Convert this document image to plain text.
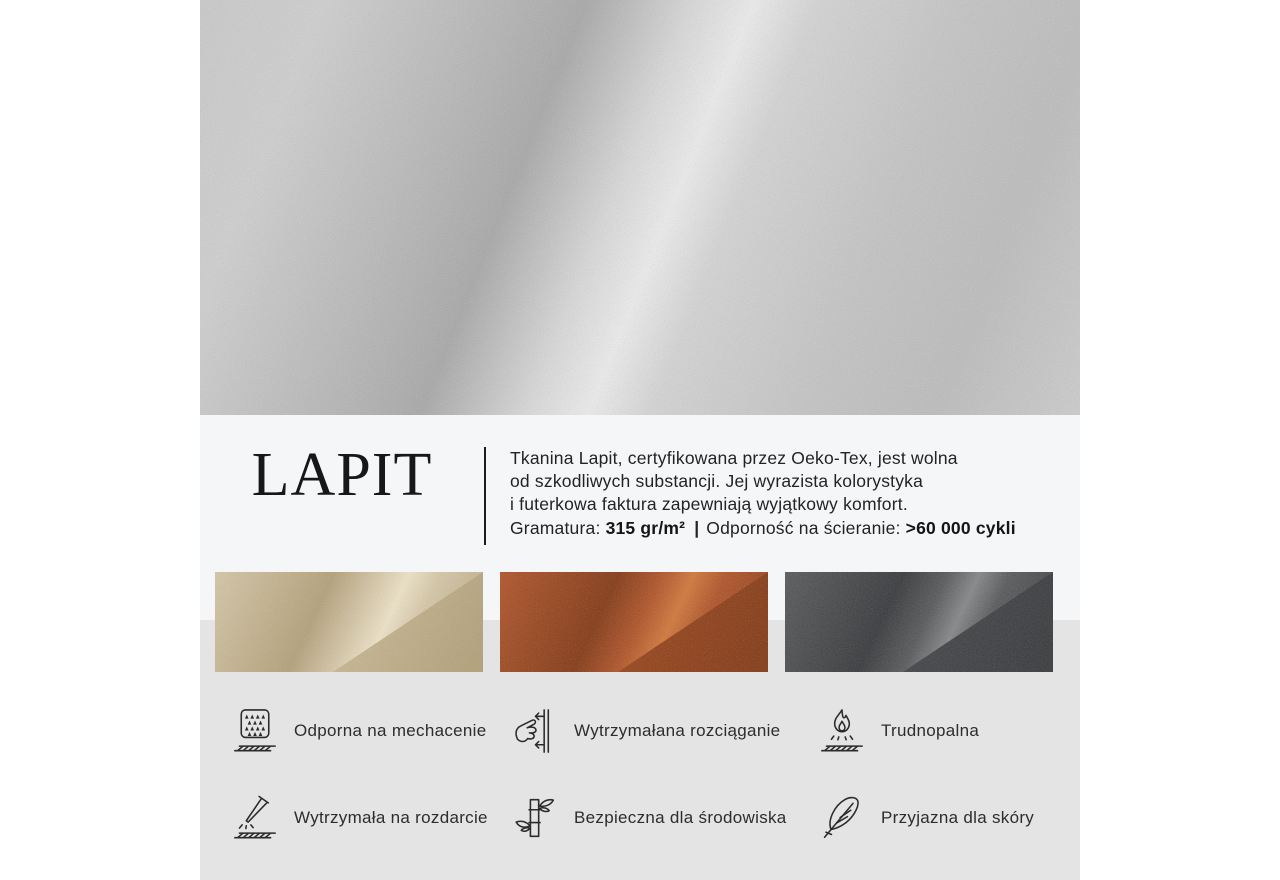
LAPIT	Tkanina Lapit, certyfikowana przez Oeko-Tex, jest wolna
od szkodliwych substancji. Jej wyrazista kolorystyka
i futerkowa faktura zapewniają wyjątkowy komfort.
Gramatura: 315 gr/m² | Odporność na ścieranie: >60 000 cykli
Odporna na mechacenie	Wytrzymałana rozciąganie	Trudnopalna
Wytrzymała na rozdarcie	Bezpieczna dla środowiska	Przyjazna dla skóry
